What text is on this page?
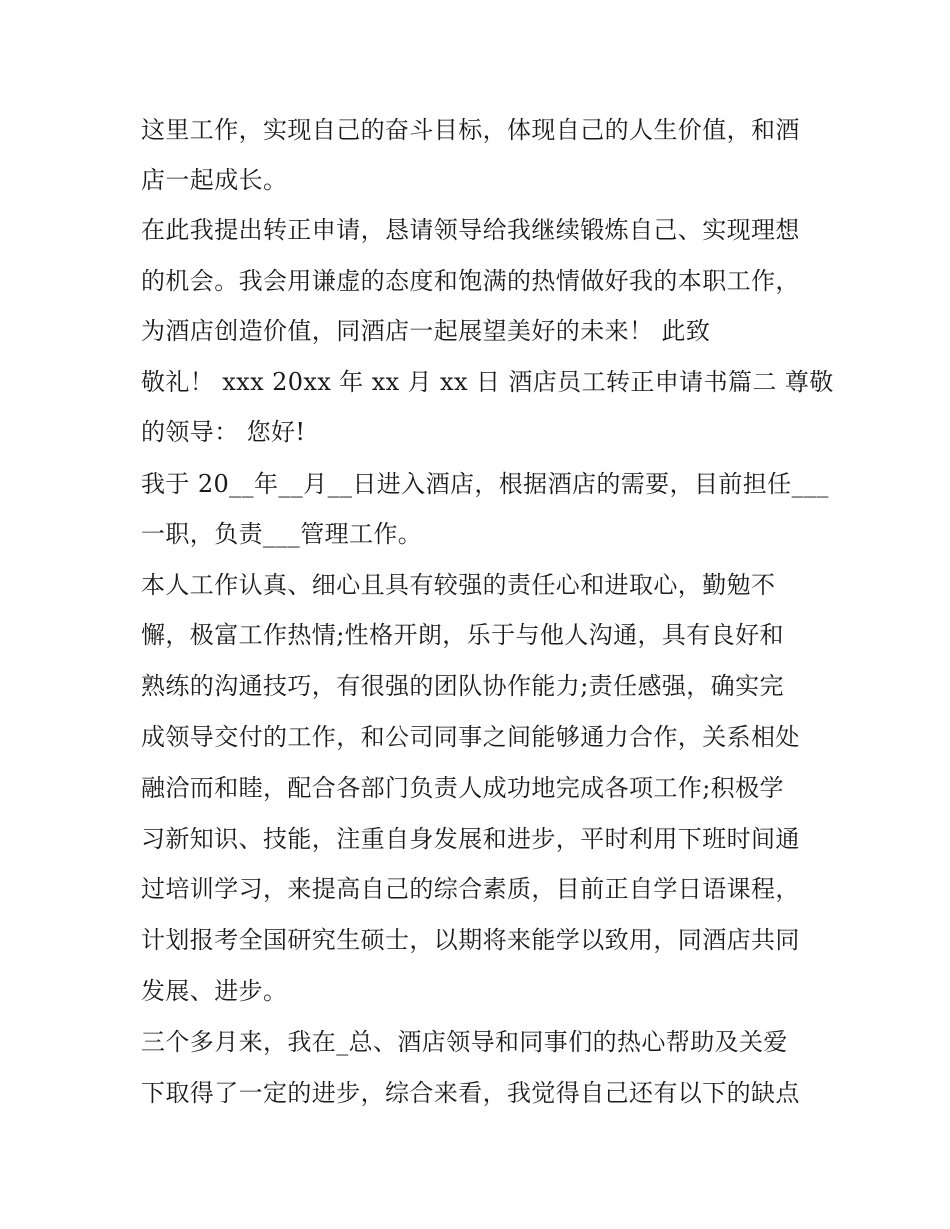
这里工作，实现自己的奋斗目标，体现自己的人生价值，和酒
店一起成长。
在此我提出转正申请，恳请领导给我继续锻炼自己、实现理想
的机会。我会用谦虚的态度和饱满的热情做好我的本职工作，
为酒店创造价值，同酒店一起展望美好的未来！ 此致
敬礼！ xxx 20xx 年 xx 月 xx 日 酒店员工转正申请书篇二 尊敬
的领导： 您好!
我于 20__年__月__日进入酒店，根据酒店的需要，目前担任___
一职，负责___管理工作。
本人工作认真、细心且具有较强的责任心和进取心，勤勉不
懈，极富工作热情;性格开朗，乐于与他人沟通，具有良好和
熟练的沟通技巧，有很强的团队协作能力;责任感强，确实完
成领导交付的工作，和公司同事之间能够通力合作，关系相处
融洽而和睦，配合各部门负责人成功地完成各项工作;积极学
习新知识、技能，注重自身发展和进步，平时利用下班时间通
过培训学习，来提高自己的综合素质，目前正自学日语课程，
计划报考全国研究生硕士，以期将来能学以致用，同酒店共同
发展、进步。
三个多月来，我在_总、酒店领导和同事们的热心帮助及关爱
下取得了一定的进步，综合来看，我觉得自己还有以下的缺点
